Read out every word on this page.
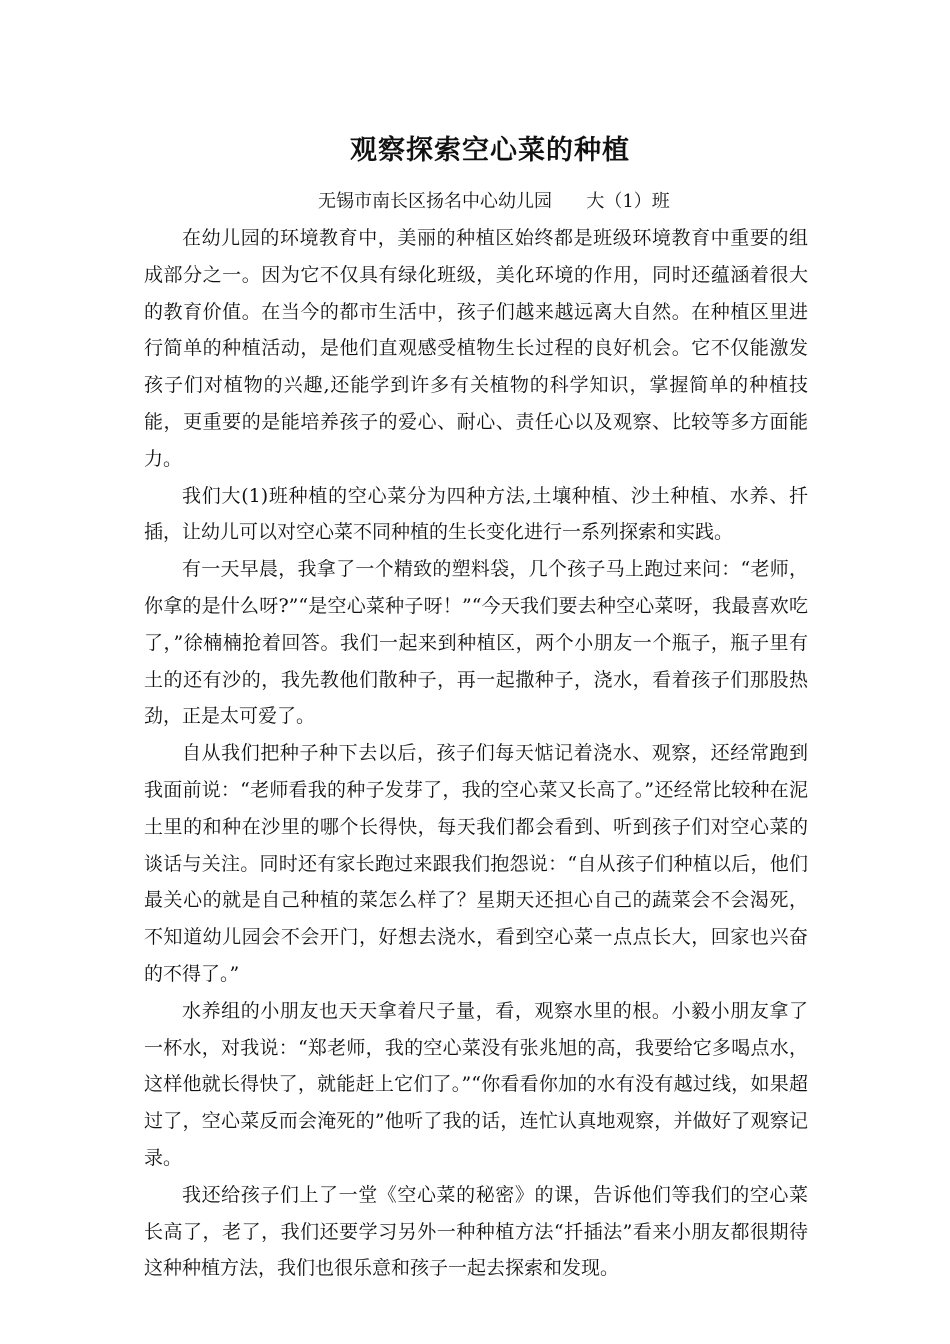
观察探索空心菜的种植
无锡市南长区扬名中心幼儿园      大（1）班

在幼儿园的环境教育中，美丽的种植区始终都是班级环境教育中重要的组成部分之一。因为它不仅具有绿化班级，美化环境的作用，同时还蕴涵着很大的教育价值。在当今的都市生活中，孩子们越来越远离大自然。在种植区里进行简单的种植活动，是他们直观感受植物生长过程的良好机会。它不仅能激发孩子们对植物的兴趣,还能学到许多有关植物的科学知识，掌握简单的种植技能，更重要的是能培养孩子的爱心、耐心、责任心以及观察、比较等多方面能力。

我们大(1)班种植的空心菜分为四种方法,土壤种植、沙土种植、水养、扦插，让幼儿可以对空心菜不同种植的生长变化进行一系列探索和实践。

有一天早晨，我拿了一个精致的塑料袋，几个孩子马上跑过来问：“老师，你拿的是什么呀?”“是空心菜种子呀！”“今天我们要去种空心菜呀，我最喜欢吃了，”徐楠楠抢着回答。我们一起来到种植区，两个小朋友一个瓶子，瓶子里有土的还有沙的，我先教他们散种子，再一起撒种子，浇水，看着孩子们那股热劲，正是太可爱了。

自从我们把种子种下去以后，孩子们每天惦记着浇水、观察，还经常跑到我面前说：“老师看我的种子发芽了，我的空心菜又长高了。”还经常比较种在泥土里的和种在沙里的哪个长得快，每天我们都会看到、听到孩子们对空心菜的谈话与关注。同时还有家长跑过来跟我们抱怨说：“自从孩子们种植以后，他们最关心的就是自己种植的菜怎么样了？星期天还担心自己的蔬菜会不会渴死，不知道幼儿园会不会开门，好想去浇水，看到空心菜一点点长大，回家也兴奋的不得了。”

水养组的小朋友也天天拿着尺子量，看，观察水里的根。小毅小朋友拿了一杯水，对我说：“郑老师，我的空心菜没有张兆旭的高，我要给它多喝点水，这样他就长得快了，就能赶上它们了。”“你看看你加的水有没有越过线，如果超过了，空心菜反而会淹死的”他听了我的话，连忙认真地观察，并做好了观察记录。

我还给孩子们上了一堂《空心菜的秘密》的课，告诉他们等我们的空心菜长高了，老了，我们还要学习另外一种种植方法“扦插法”看来小朋友都很期待这种种植方法，我们也很乐意和孩子一起去探索和发现。
